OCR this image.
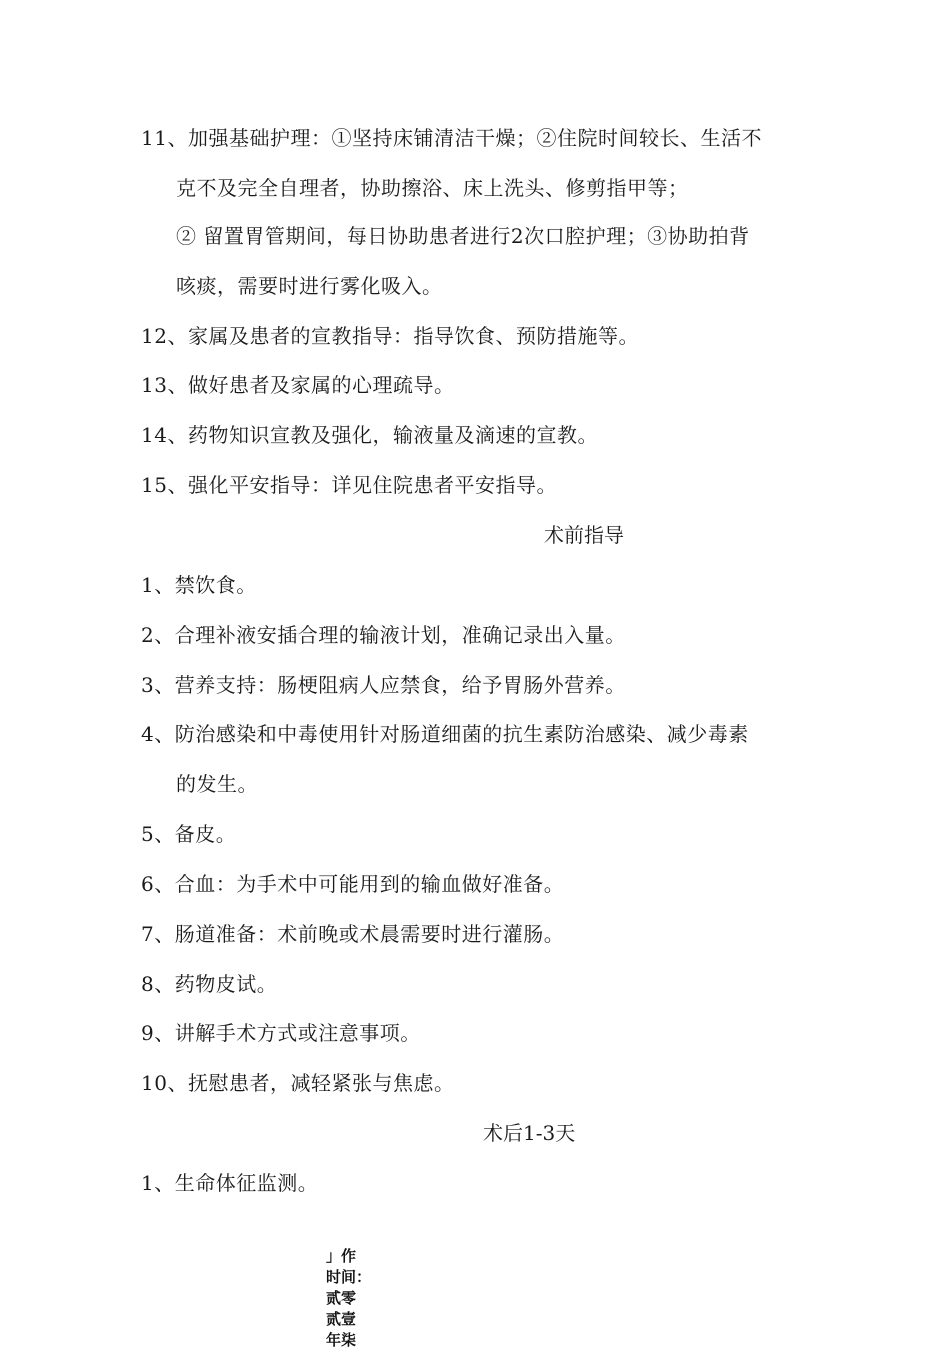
11、加强基础护理：①坚持床铺清洁干燥；②住院时间较长、生活不
克不及完全自理者，协助擦浴、床上洗头、修剪指甲等；
② 留置胃管期间，每日协助患者进行2次口腔护理；③协助拍背
咳痰，需要时进行雾化吸入。
12、家属及患者的宣教指导：指导饮食、预防措施等。
13、做好患者及家属的心理疏导。
14、药物知识宣教及强化，输液量及滴速的宣教。
15、强化平安指导：详见住院患者平安指导。
术前指导
1、禁饮食。
2、合理补液安插合理的输液计划，准确记录出入量。
3、营养支持：肠梗阻病人应禁食，给予胃肠外营养。
4、防治感染和中毒使用针对肠道细菌的抗生素防治感染、减少毒素
的发生。
5、备皮。
6、合血：为手术中可能用到的输血做好准备。
7、肠道准备：术前晚或术晨需要时进行灌肠。
8、药物皮试。
9、讲解手术方式或注意事项。
10、抚慰患者，减轻紧张与焦虑。
术后1-3天
1、生命体征监测。
」作
时间：
贰零
贰壹
年柒
